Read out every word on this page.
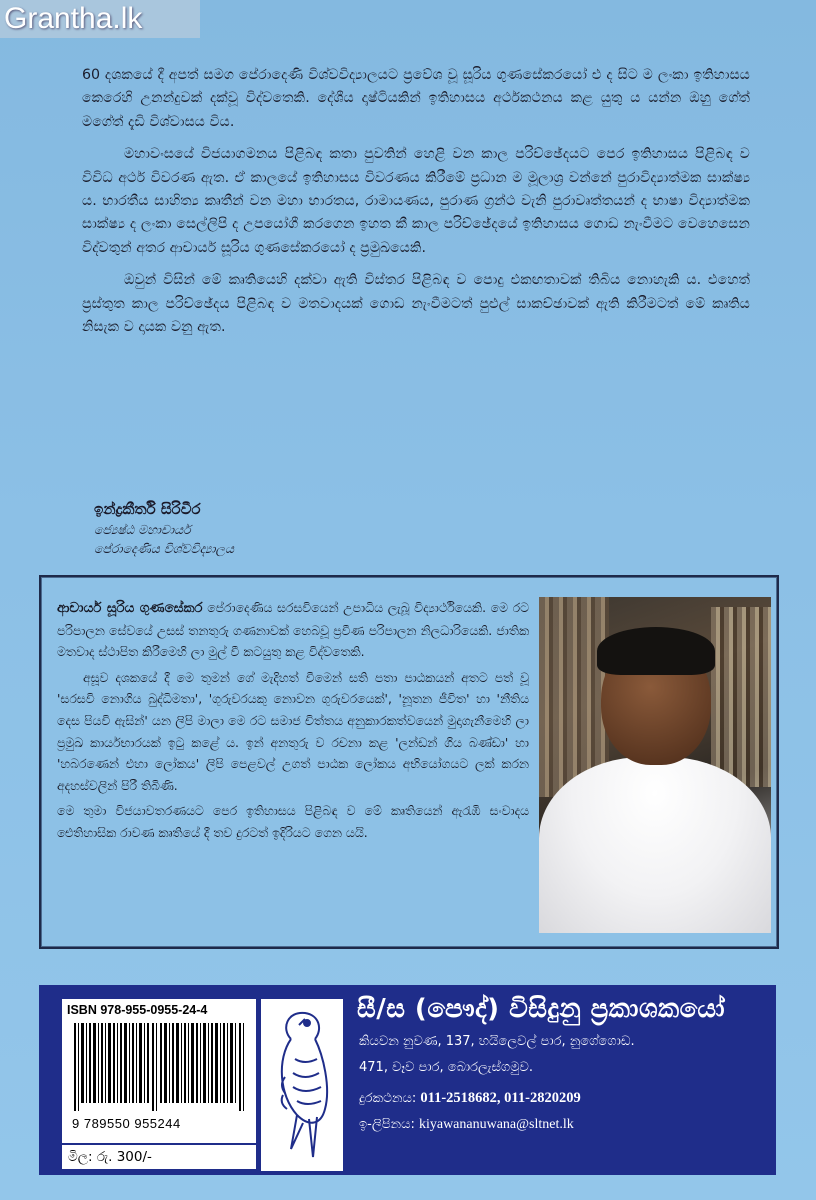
Grantha.lk

60 දශකයේ දී අපත් සමග පේරාදෙණි විශ්වවිද්‍යාලයට ප්‍රවේශ වූ සූරිය ගුණසේකරයෝ එ ද සිට ම ලංකා ඉතිහාසය කෙරෙහි උනන්දුවක් දක්වූ විද්වතෙකි. දේශීය දෘෂ්ටියකින් ඉතිහාසය අර්ථකථනය කළ යුතු ය යන්න ඔහු ගේත් මගේත් දැඩි විශ්වාසය විය.

මහාවංසයේ විජයාගමනය පිළිබඳ කතා පුවතින් හෙළි වන කාල පරිච්ඡේදයට පෙර ඉතිහාසය පිළිබඳ ව විවිධ අර්ථ විවරණ ඇත. ඒ කාලයේ ඉතිහාසය විවරණය කිරීමේ ප්‍රධාන ම මූලාශ්‍ර වන්නේ පුරාවිද්‍යාත්මක සාක්ෂ්‍ය ය. භාරතීය සාහිත්‍ය කෘතීන් වන මහා භාරතය, රාමායණය, පුරාණ ග්‍රන්ථ වැනි පුරාවෘත්තයන් ද භාෂා විද්‍යාත්මක සාක්ෂ්‍ය ද ලංකා සෙල්ලිපි ද උපයෝගී කරගෙන ඉහත කී කාල පරිච්ඡේදයේ ඉතිහාසය ගොඩ නැංවීමට වෙහෙසෙන විද්වතුන් අතර ආචාර්ය සූරිය ගුණසේකරයෝ ද ප්‍රමුඛයෙකි.

ඔවුන් විසින් මේ කෘතියෙහි දක්වා ඇති විස්තර පිළිබඳ ව පොදු එකඟතාවක් තිබිය නොහැකි ය. එහෙත් ප්‍රස්තුත කාල පරිච්ඡේදය පිළිබඳ ව මතවාදයක් ගොඩ නැංවීමටත් පුළුල් සාකච්ඡාවක් ඇති කිරීමටත් මේ කෘතිය නිසැක ව දායක වනු ඇත.

ඉන්ද්‍රකීර්ති සිරිවීර
ජ්‍යෙෂ්ඨ මහාචාර්ය
පේරාදෙණිය විශ්වවිද්‍යාලය

ආචාර්ය සූරිය ගුණසේකර පේරාදෙණිය සරසවියෙන් උපාධිය ලැබූ විද්‍යාර්ථියෙකි. මෙ රට පරිපාලන සේවයේ උසස් තනතුරු ගණනාවක් හෙබවූ ප්‍රවීණ පරිපාලන නිලධාරියෙකි. ජාතික මතවාද ස්ථාපිත කිරීමෙහි ලා මුල් වී කටයුතු කළ විද්වතෙකි.

අසූව දශකයේ දී මෙ තුමන් ගේ මැදිහත් වීමෙන් සති පතා පාඨකයන් අතට පත් වූ 'සරසවි නොගිය බුද්ධිමතා', 'ගුරුවරයකු නොවන ගුරුවරයෙක්', 'නූතන ජීවිත' හා 'නීතිය දෙස පියවි ඇසින්' යන ලිපි මාලා මෙ රට සමාජ චිත්තය අනුකාරකත්වයෙන් මුදාගැනීමෙහි ලා ප්‍රමුඛ කාර්යභාරයක් ඉටු කළේ ය. ඉන් අනතුරු ව රචනා කළ 'ලන්ඩන් ගිය බණ්ඩා' හා 'හබරණෙන් එහා ලෝකය' ලිපි පෙළවල් උගත් පාඨක ලෝකය අභියෝගයට ලක් කරන අදහස්වලින් පිරී තිබිණි.

මෙ තුමා විජයාවතරණයට පෙර ඉතිහාසය පිළිබඳ ව මේ කෘතියෙන් ඇරැඹි සංවාදය ඓතිහාසික රාවණ කෘතියේ දී තව දුරටත් ඉදිරියට ගෙන යයි.

ISBN 978-955-0955-24-4
9 789550 955244
මිල: රු. 300/-
සී/ස (පෞද්) විසිදුනු ප්‍රකාශකයෝ
කියවන නුවණ, 137, හයිලෙවල් පාර, නුගේගොඩ.
471, වෑව පාර, බොරලැස්ගමුව.
දුරකථනය: 011-2518682, 011-2820209
ඉ-ලිපිනය: kiyawananuwana@sltnet.lk
